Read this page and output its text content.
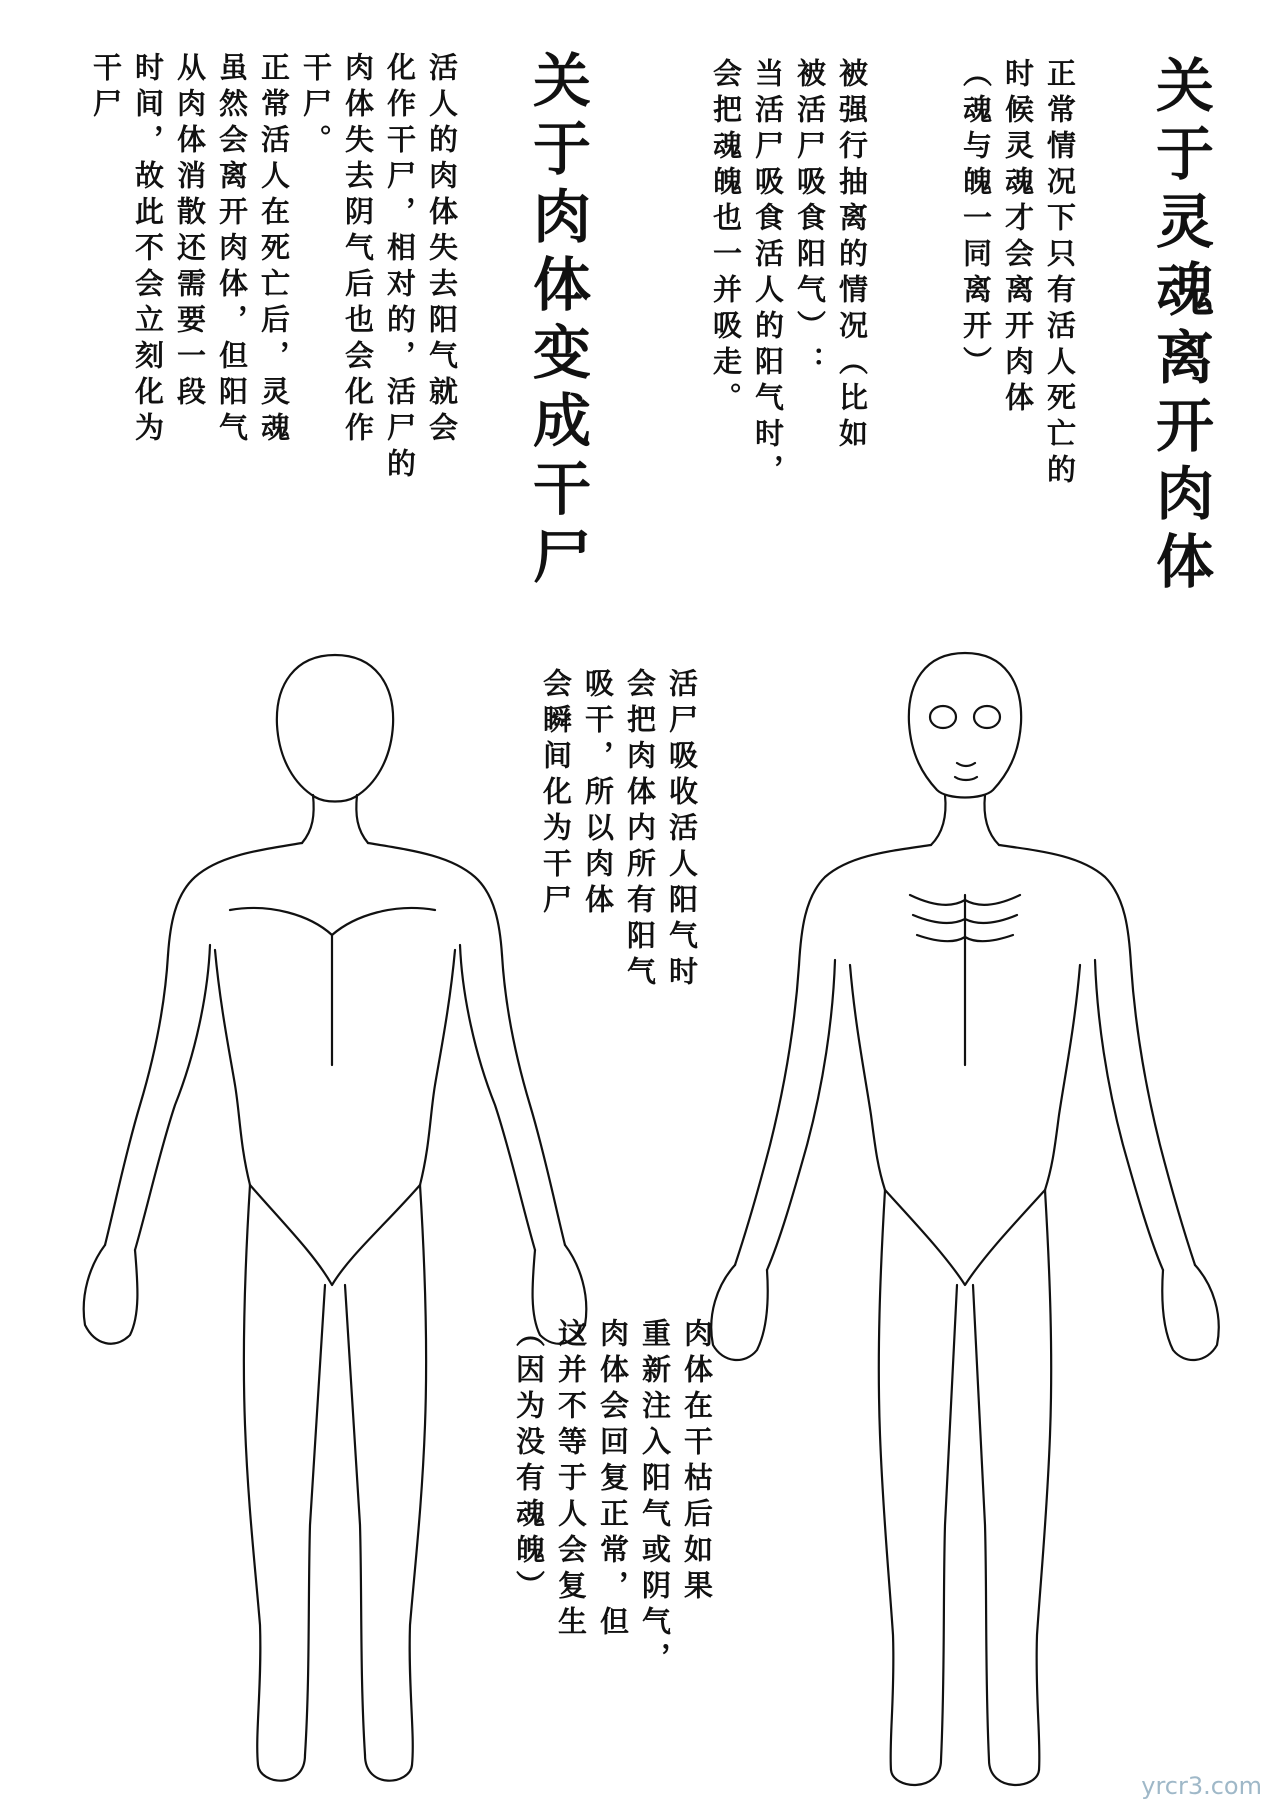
关于灵魂离开肉体
关于肉体变成干尸	正常情况下只有活人死亡的
时候灵魂才会离开肉体
（魂与魄一同离开）

被强行抽离的情况（比如
被活尸吸食阳气）：
当活尸吸食活人的阳气时，
会把魂魄也一并吸走。

活人的肉体失去阳气就会
化作干尸，相对的，活尸的
肉体失去阴气后也会化作
干尸。
正常活人在死亡后，灵魂
虽然会离开肉体，但阳气
从肉体消散还需要一段
时间，故此不会立刻化为
干尸

活尸吸收活人阳气时
会把肉体内所有阳气
吸干，所以肉体
会瞬间化为干尸

肉体在干枯后如果
重新注入阳气或阴气，
肉体会回复正常，但
这并不等于人会复生
（因为没有魂魄）

yrcr3.com
